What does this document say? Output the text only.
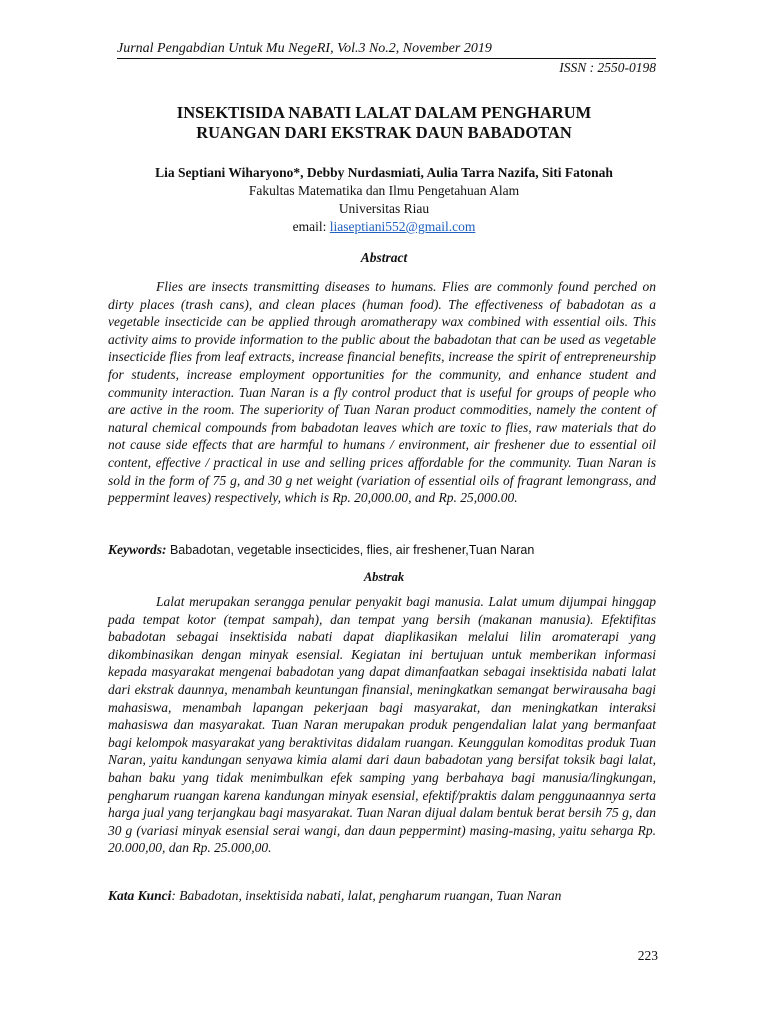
Jurnal Pengabdian Untuk Mu NegeRI, Vol.3 No.2, November 2019
ISSN : 2550-0198
INSEKTISIDA NABATI LALAT DALAM PENGHARUM
RUANGAN DARI EKSTRAK DAUN BABADOTAN
Lia Septiani Wiharyono*, Debby Nurdasmiati, Aulia Tarra Nazifa, Siti Fatonah
Fakultas Matematika dan Ilmu Pengetahuan Alam
Universitas Riau
email: liaseptiani552@gmail.com
Abstract

Flies are insects transmitting diseases to humans. Flies are commonly found perched on dirty places (trash cans), and clean places (human food). The effectiveness of babadotan as a vegetable insecticide can be applied through aromatherapy wax combined with essential oils. This activity aims to provide information to the public about the babadotan that can be used as vegetable insecticide flies from leaf extracts, increase financial benefits, increase the spirit of entrepreneurship for students, increase employment opportunities for the community, and enhance student and community interaction. Tuan Naran is a fly control product that is useful for groups of people who are active in the room. The superiority of Tuan Naran product commodities, namely the content of natural chemical compounds from babadotan leaves which are toxic to flies, raw materials that do not cause side effects that are harmful to humans / environment, air freshener due to essential oil content, effective / practical in use and selling prices affordable for the community. Tuan Naran is sold in the form of 75 g, and 30 g net weight (variation of essential oils of fragrant lemongrass, and peppermint leaves) respectively, which is Rp. 20,000.00, and Rp. 25,000.00.

Keywords: Babadotan, vegetable insecticides, flies, air freshener,Tuan Naran
Abstrak

Lalat merupakan serangga penular penyakit bagi manusia. Lalat umum dijumpai hinggap pada tempat kotor (tempat sampah), dan tempat yang bersih (makanan manusia). Efektifitas babadotan sebagai insektisida nabati dapat diaplikasikan melalui lilin aromaterapi yang dikombinasikan dengan minyak esensial. Kegiatan ini bertujuan untuk memberikan informasi kepada masyarakat mengenai babadotan yang dapat dimanfaatkan sebagai insektisida nabati lalat dari ekstrak daunnya, menambah keuntungan finansial, meningkatkan semangat berwirausaha bagi mahasiswa, menambah lapangan pekerjaan bagi masyarakat, dan meningkatkan interaksi mahasiswa dan masyarakat. Tuan Naran merupakan produk pengendalian lalat yang bermanfaat bagi kelompok masyarakat yang beraktivitas didalam ruangan. Keunggulan komoditas produk Tuan Naran, yaitu kandungan senyawa kimia alami dari daun babadotan yang bersifat toksik bagi lalat, bahan baku yang tidak menimbulkan efek samping yang berbahaya bagi manusia/lingkungan, pengharum ruangan karena kandungan minyak esensial, efektif/praktis dalam penggunaannya serta harga jual yang terjangkau bagi masyarakat. Tuan Naran dijual dalam bentuk berat bersih 75 g, dan 30 g (variasi minyak esensial serai wangi, dan daun peppermint) masing-masing, yaitu seharga Rp. 20.000,00, dan Rp. 25.000,00.

Kata Kunci: Babadotan, insektisida nabati, lalat, pengharum ruangan, Tuan Naran
223
